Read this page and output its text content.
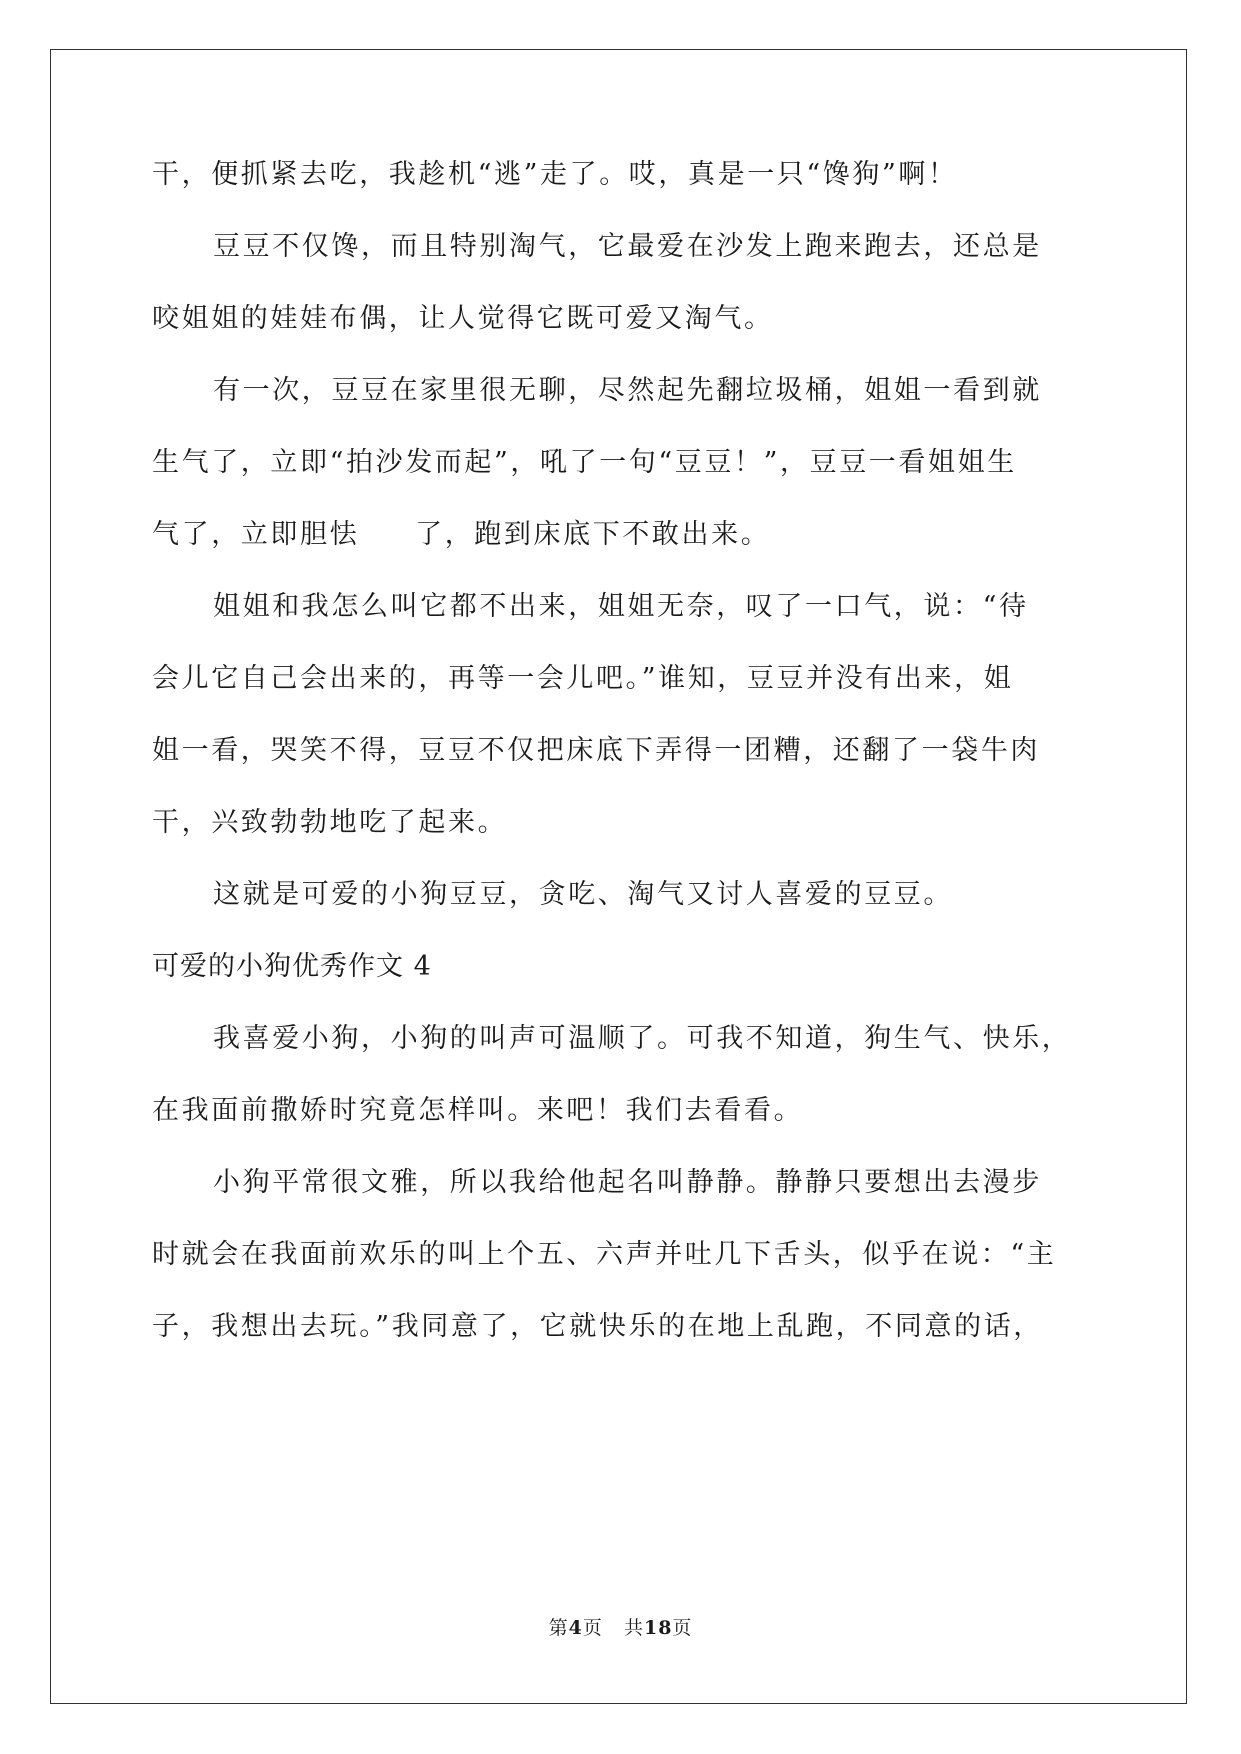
干，便抓紧去吃，我趁机“逃”走了。哎，真是一只“馋狗”啊！
豆豆不仅馋，而且特别淘气，它最爱在沙发上跑来跑去，还总是
咬姐姐的娃娃布偶，让人觉得它既可爱又淘气。
有一次，豆豆在家里很无聊，尽然起先翻垃圾桶，姐姐一看到就
生气了，立即“拍沙发而起”，吼了一句“豆豆！”，豆豆一看姐姐生
气了，立即胆怯     了，跑到床底下不敢出来。
姐姐和我怎么叫它都不出来，姐姐无奈，叹了一口气，说：“待
会儿它自己会出来的，再等一会儿吧。”谁知，豆豆并没有出来，姐
姐一看，哭笑不得，豆豆不仅把床底下弄得一团糟，还翻了一袋牛肉
干，兴致勃勃地吃了起来。
这就是可爱的小狗豆豆，贪吃、淘气又讨人喜爱的豆豆。
可爱的小狗优秀作文 4
我喜爱小狗，小狗的叫声可温顺了。可我不知道，狗生气、快乐，
在我面前撒娇时究竟怎样叫。来吧！我们去看看。
小狗平常很文雅，所以我给他起名叫静静。静静只要想出去漫步
时就会在我面前欢乐的叫上个五、六声并吐几下舌头，似乎在说：“主
子，我想出去玩。”我同意了，它就快乐的在地上乱跑，不同意的话，
第4页 共18页
